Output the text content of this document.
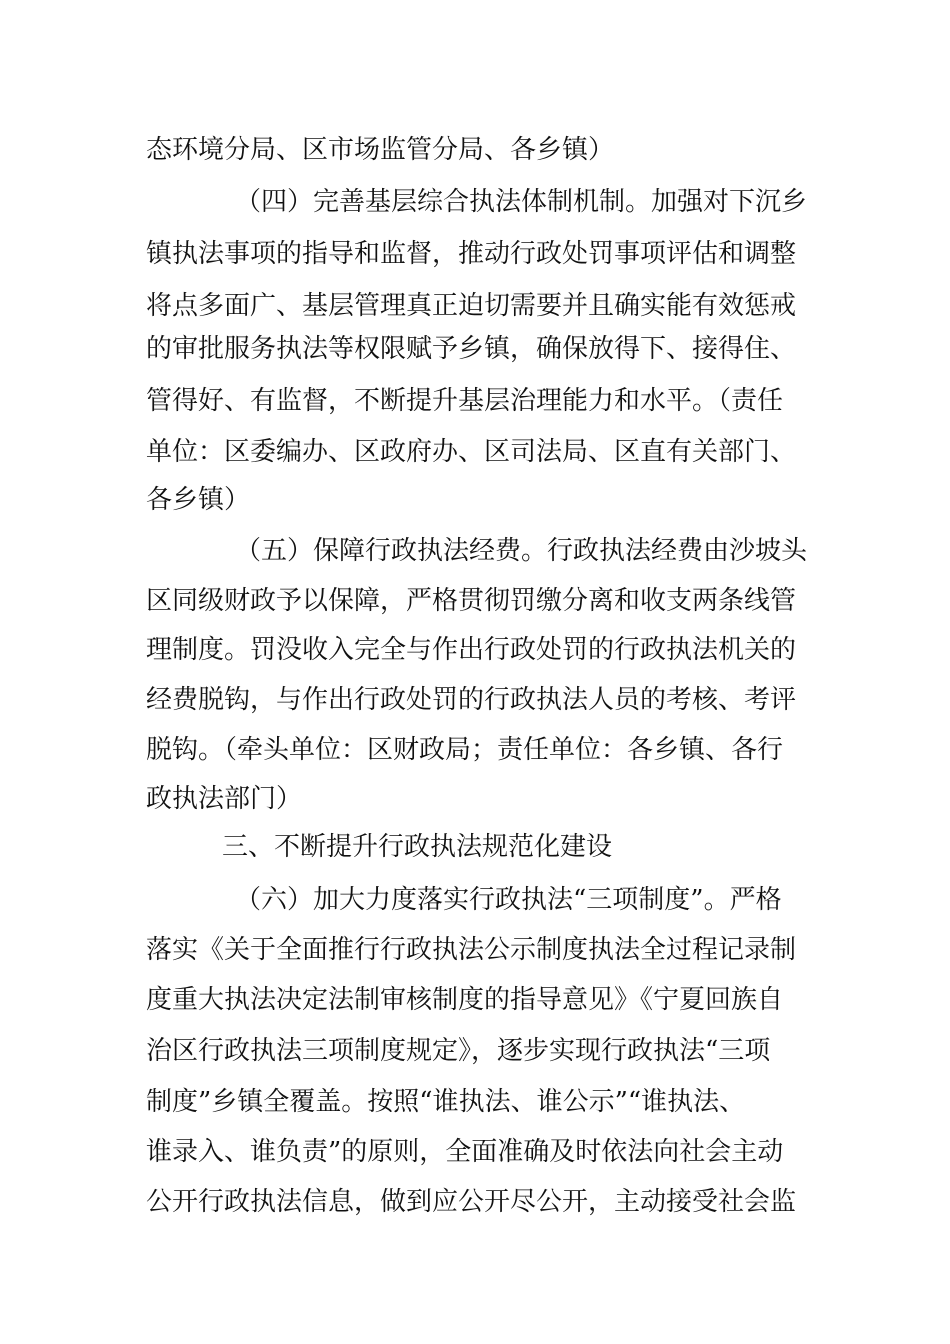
态环境分局、区市场监管分局、各乡镇）
（四）完善基层综合执法体制机制。加强对下沉乡
镇执法事项的指导和监督，推动行政处罚事项评估和调整
将点多面广、基层管理真正迫切需要并且确实能有效惩戒
的审批服务执法等权限赋予乡镇，确保放得下、接得住、
管得好、有监督，不断提升基层治理能力和水平。（责任
单位：区委编办、区政府办、区司法局、区直有关部门、
各乡镇）
（五）保障行政执法经费。行政执法经费由沙坡头
区同级财政予以保障，严格贯彻罚缴分离和收支两条线管
理制度。罚没收入完全与作出行政处罚的行政执法机关的
经费脱钩，与作出行政处罚的行政执法人员的考核、考评
脱钩。（牵头单位：区财政局；责任单位：各乡镇、各行
政执法部门）
三、不断提升行政执法规范化建设
（六）加大力度落实行政执法“三项制度”。严格
落实《关于全面推行行政执法公示制度执法全过程记录制
度重大执法决定法制审核制度的指导意见》《宁夏回族自
治区行政执法三项制度规定》，逐步实现行政执法“三项
制度”乡镇全覆盖。按照“谁执法、谁公示”“谁执法、
谁录入、谁负责”的原则，全面准确及时依法向社会主动
公开行政执法信息，做到应公开尽公开，主动接受社会监
